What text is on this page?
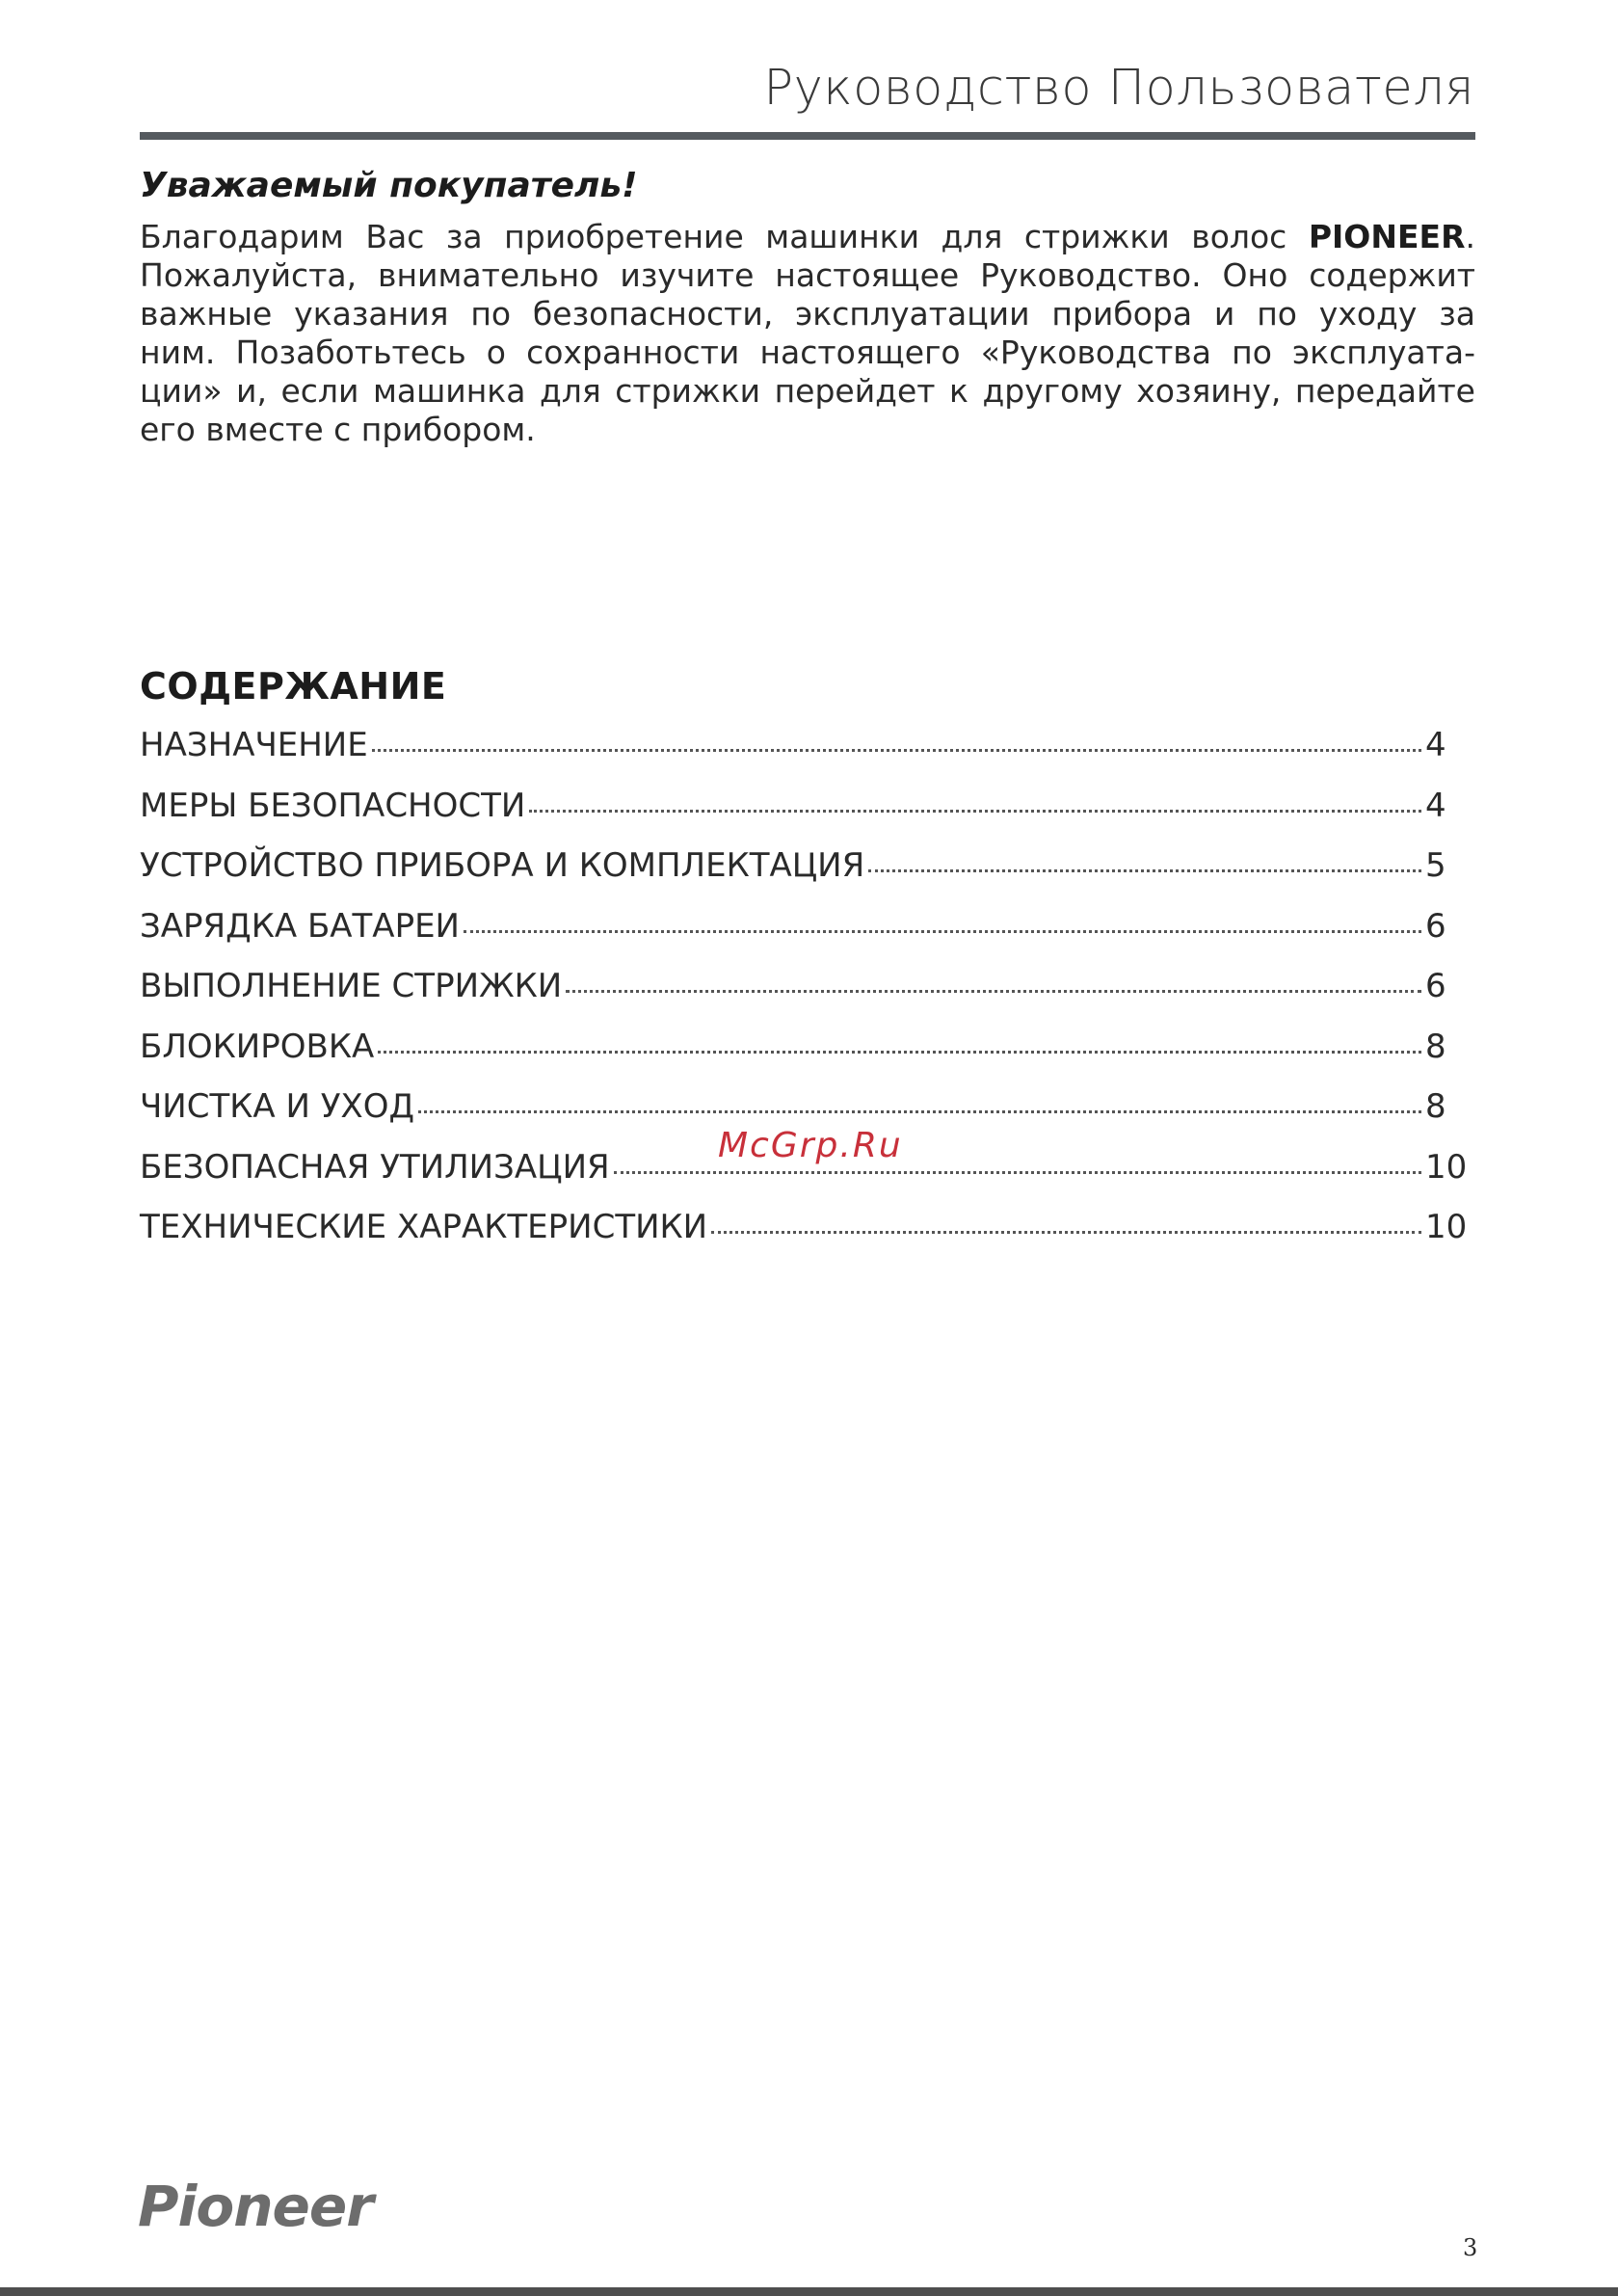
Руководство Пользователя
Уважаемый покупатель!
Благодарим Вас за приобретение машинки для стрижки волос PIONEER.
Пожалуйста, внимательно изучите настоящее Руководство. Оно содержит
важные указания по безопасности, эксплуатации прибора и по уходу за
ним. Позаботьтесь о сохранности настоящего «Руководства по эксплуата-
ции» и, если машинка для стрижки перейдет к другому хозяину, передайте
его вместе с прибором.
СОДЕРЖАНИЕ
НАЗНАЧЕНИЕ	4
МЕРЫ БЕЗОПАСНОСТИ	4
УСТРОЙСТВО ПРИБОРА И КОМПЛЕКТАЦИЯ	5
ЗАРЯДКА БАТАРЕИ	6
ВЫПОЛНЕНИЕ СТРИЖКИ	6
БЛОКИРОВКА	8
ЧИСТКА И УХОД	8
БЕЗОПАСНАЯ УТИЛИЗАЦИЯ	10
ТЕХНИЧЕСКИЕ ХАРАКТЕРИСТИКИ	10
McGrp.Ru
Pioneer
3
